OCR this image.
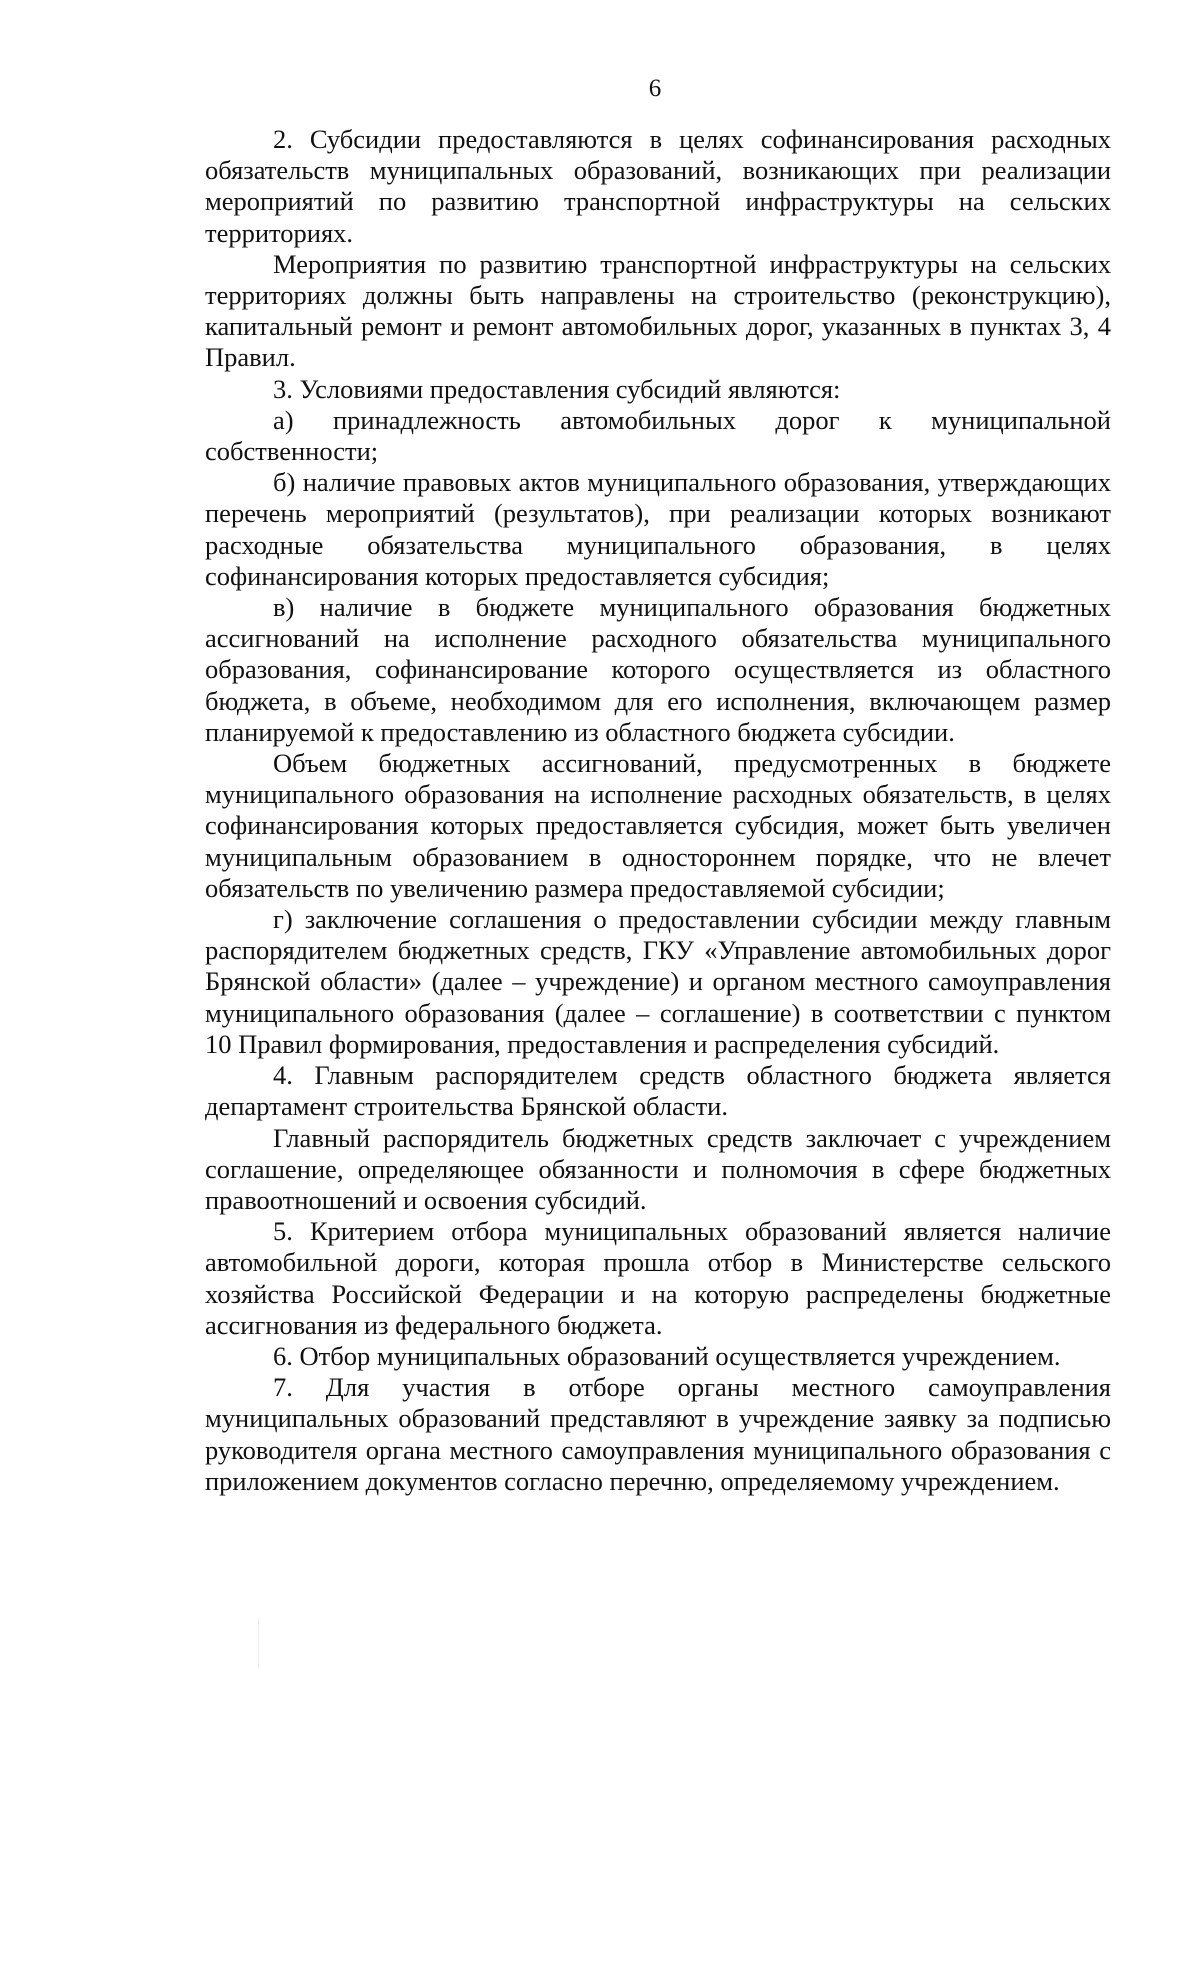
6

2. Субсидии предоставляются в целях софинансирования расходных обязательств муниципальных образований, возникающих при реализации мероприятий по развитию транспортной инфраструктуры на сельских территориях.

Мероприятия по развитию транспортной инфраструктуры на сельских территориях должны быть направлены на строительство (реконструкцию), капитальный ремонт и ремонт автомобильных дорог, указанных в пунктах 3, 4 Правил.

3. Условиями предоставления субсидий являются:

а) принадлежность автомобильных дорог к муниципальной собственности;

б) наличие правовых актов муниципального образования, утверждающих перечень мероприятий (результатов), при реализации которых возникают расходные обязательства муниципального образования, в целях софинансирования которых предоставляется субсидия;

в) наличие в бюджете муниципального образования бюджетных ассигнований на исполнение расходного обязательства муниципального образования, софинансирование которого осуществляется из областного бюджета, в объеме, необходимом для его исполнения, включающем размер планируемой к предоставлению из областного бюджета субсидии.

Объем бюджетных ассигнований, предусмотренных в бюджете муниципального образования на исполнение расходных обязательств, в целях софинансирования которых предоставляется субсидия, может быть увеличен муниципальным образованием в одностороннем порядке, что не влечет обязательств по увеличению размера предоставляемой субсидии;

г) заключение соглашения о предоставлении субсидии между главным распорядителем бюджетных средств, ГКУ «Управление автомобильных дорог Брянской области» (далее – учреждение) и органом местного самоуправления муниципального образования (далее – соглашение) в соответствии с пунктом 10 Правил формирования, предоставления и распределения субсидий.

4. Главным распорядителем средств областного бюджета является департамент строительства Брянской области.

Главный распорядитель бюджетных средств заключает с учреждением соглашение, определяющее обязанности и полномочия в сфере бюджетных правоотношений и освоения субсидий.

5. Критерием отбора муниципальных образований является наличие автомобильной дороги, которая прошла отбор в Министерстве сельского хозяйства Российской Федерации и на которую распределены бюджетные ассигнования из федерального бюджета.

6. Отбор муниципальных образований осуществляется учреждением.

7. Для участия в отборе органы местного самоуправления муниципальных образований представляют в учреждение заявку за подписью руководителя органа местного самоуправления муниципального образования с приложением документов согласно перечню, определяемому учреждением.
